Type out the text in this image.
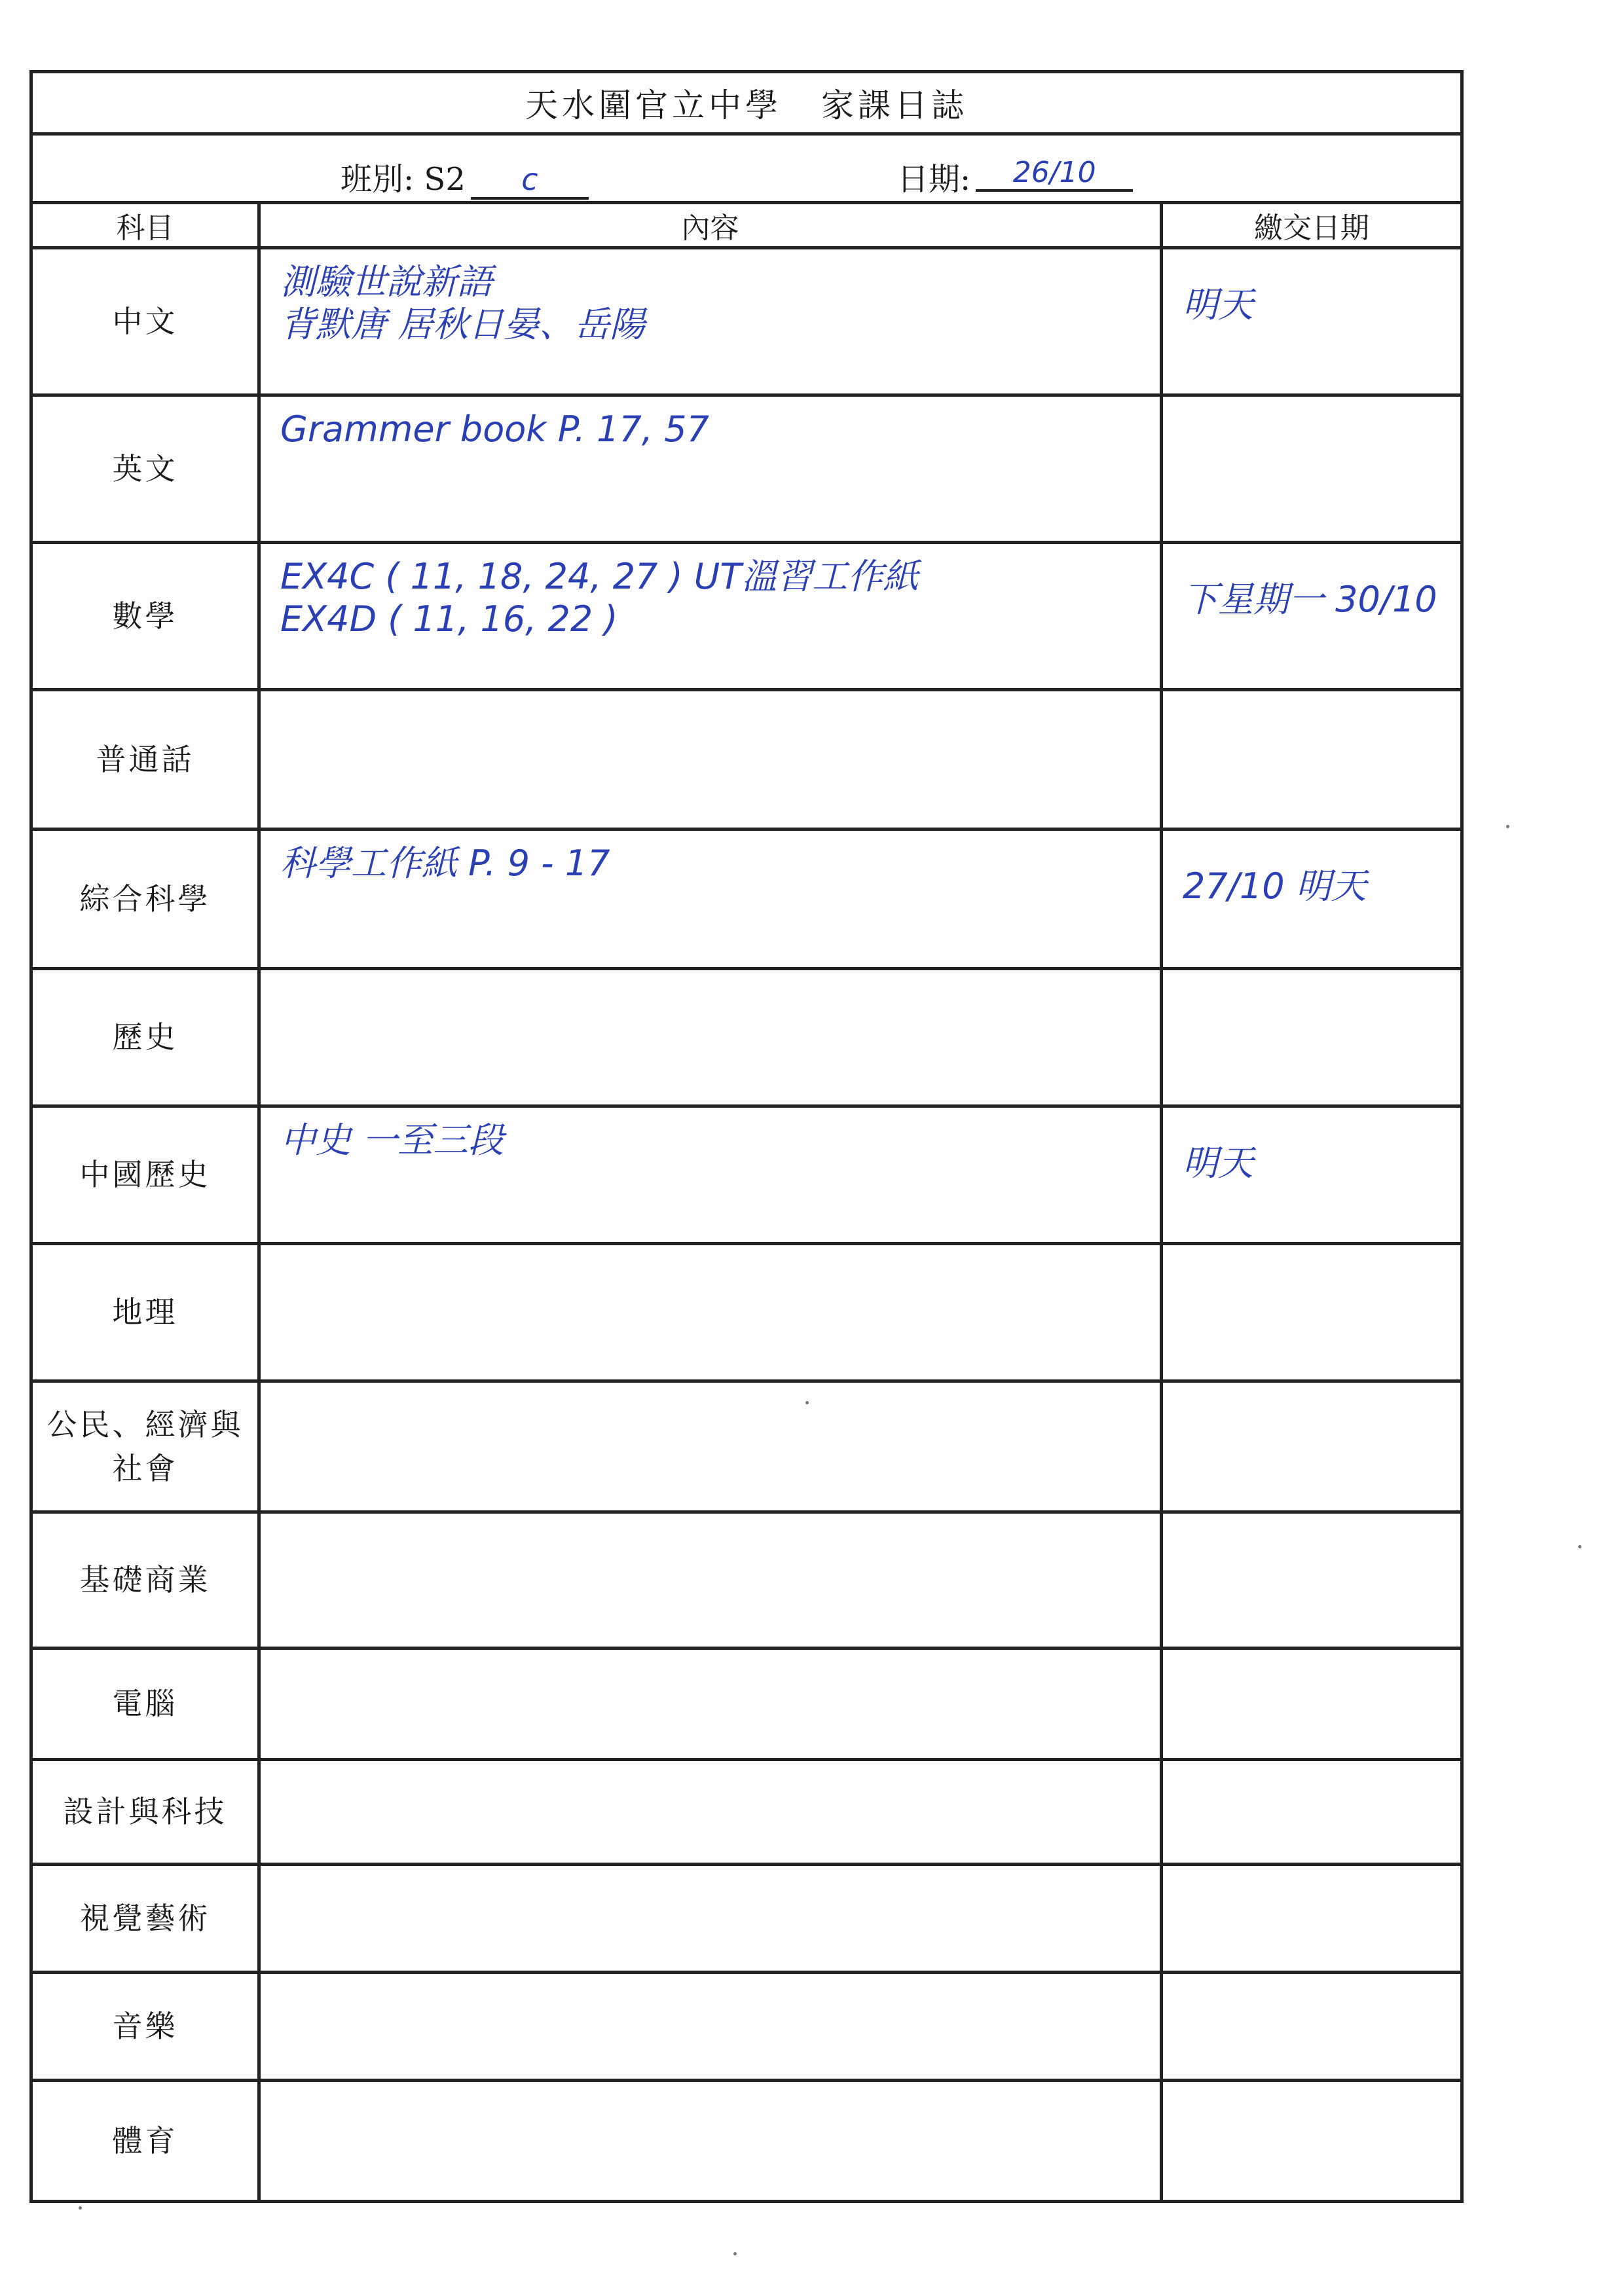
天水圍官立中學 家課日誌		

班別: S2 c 日期: 26/10		

科目	內容	繳交日期
中文	測驗世說新語
背默唐 居秋日晏、岳陽	明天

英文	Grammer book P. 17, 57	

數學	EX4C ( 11, 18, 24, 27 ) UT溫習工作紙
EX4D ( 11, 16, 22 )	下星期一 30/10

普通話	

綜合科學	科學工作紙 P. 9 - 17	27/10 明天

歷史	

中國歷史	中史 一至三段	明天

地理	

公民、經濟與社會	

基礎商業	

電腦	

設計與科技	

視覺藝術	

音樂	

體育	
